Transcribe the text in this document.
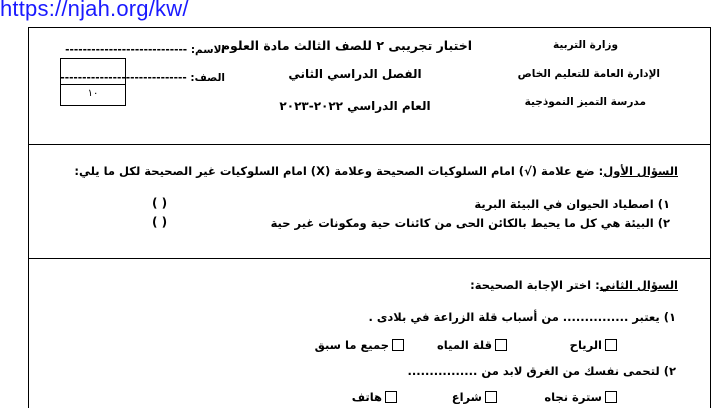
https://njah.org/kw/
وزارة التربية
الإدارة العامة للتعليم الخاص
مدرسة التميز النموذجية
اختبار تجريبى ٢ للصف الثالث مادة العلوم
الفصل الدراسي الثاني
العام الدراسي ٢٠٢٢-٢٠٢٣
الاسم: ----------------------------
الصف: -----------------------------
١٠
السؤال الأول: ضع علامة (√) امام السلوكيات الصحيحة وعلامة (X) امام السلوكيات غير الصحيحة لكل ما يلي:
١) اصطياد الحيوان في البيئة البرية
( )
٢) البيئة هي كل ما يحيط بالكائن الحى من كائنات حية ومكونات غير حية
( )
السؤال الثاني: اختر الإجابة الصحيحة:
١) يعتبر ............... من أسباب قلة الزراعة في بلادى .
الرياح
قلة المياه
جميع ما سبق
٢) لتحمى نفسك من الغرق لابد من ................
سترة نجاه
شراع
هاتف
